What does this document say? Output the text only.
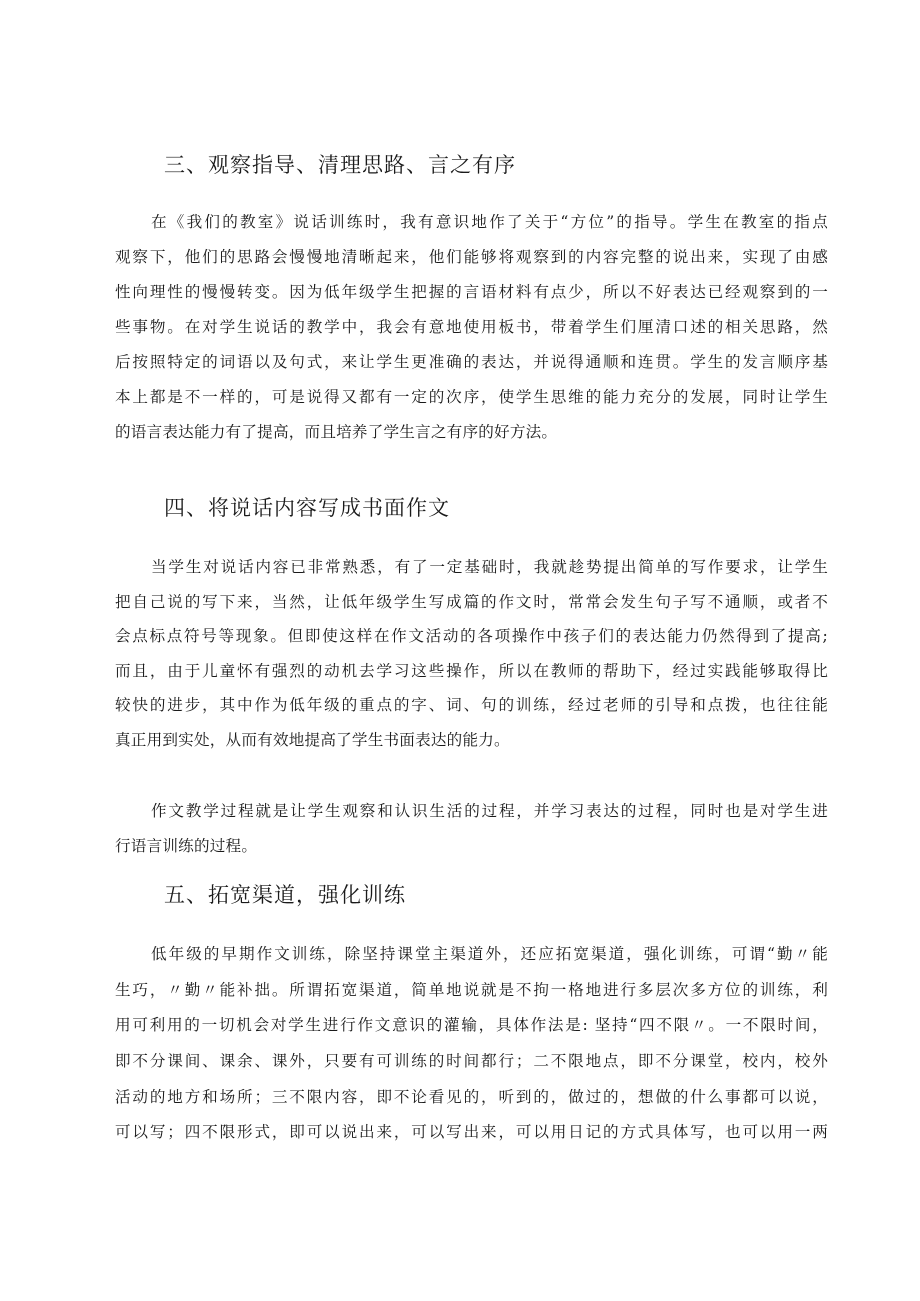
三、观察指导、清理思路、言之有序
在《我们的教室》说话训练时，我有意识地作了关于“方位”的指导。学生在教室的指点
观察下，他们的思路会慢慢地清晰起来，他们能够将观察到的内容完整的说出来，实现了由感
性向理性的慢慢转变。因为低年级学生把握的言语材料有点少，所以不好表达已经观察到的一
些事物。在对学生说话的教学中，我会有意地使用板书，带着学生们厘清口述的相关思路，然
后按照特定的词语以及句式，来让学生更准确的表达，并说得通顺和连贯。学生的发言顺序基
本上都是不一样的，可是说得又都有一定的次序，使学生思维的能力充分的发展，同时让学生
的语言表达能力有了提高，而且培养了学生言之有序的好方法。
四、将说话内容写成书面作文
当学生对说话内容已非常熟悉，有了一定基础时，我就趁势提出简单的写作要求，让学生
把自己说的写下来，当然，让低年级学生写成篇的作文时，常常会发生句子写不通顺，或者不
会点标点符号等现象。但即使这样在作文活动的各项操作中孩子们的表达能力仍然得到了提高;
而且，由于儿童怀有强烈的动机去学习这些操作，所以在教师的帮助下，经过实践能够取得比
较快的进步，其中作为低年级的重点的字、词、句的训练，经过老师的引导和点拨，也往往能
真正用到实处，从而有效地提高了学生书面表达的能力。
作文教学过程就是让学生观察和认识生活的过程，并学习表达的过程，同时也是对学生进
行语言训练的过程。
五、拓宽渠道，强化训练
低年级的早期作文训练，除坚持课堂主渠道外，还应拓宽渠道，强化训练，可谓“勤〃能
生巧，〃勤〃能补拙。所谓拓宽渠道，简单地说就是不拘一格地进行多层次多方位的训练，利
用可利用的一切机会对学生进行作文意识的灌输，具体作法是: 坚持“四不限〃。一不限时间，
即不分课间、课余、课外，只要有可训练的时间都行；二不限地点，即不分课堂，校内，校外
活动的地方和场所；三不限内容，即不论看见的，听到的，做过的，想做的什么事都可以说，
可以写；四不限形式，即可以说出来，可以写出来，可以用日记的方式具体写，也可以用一两
